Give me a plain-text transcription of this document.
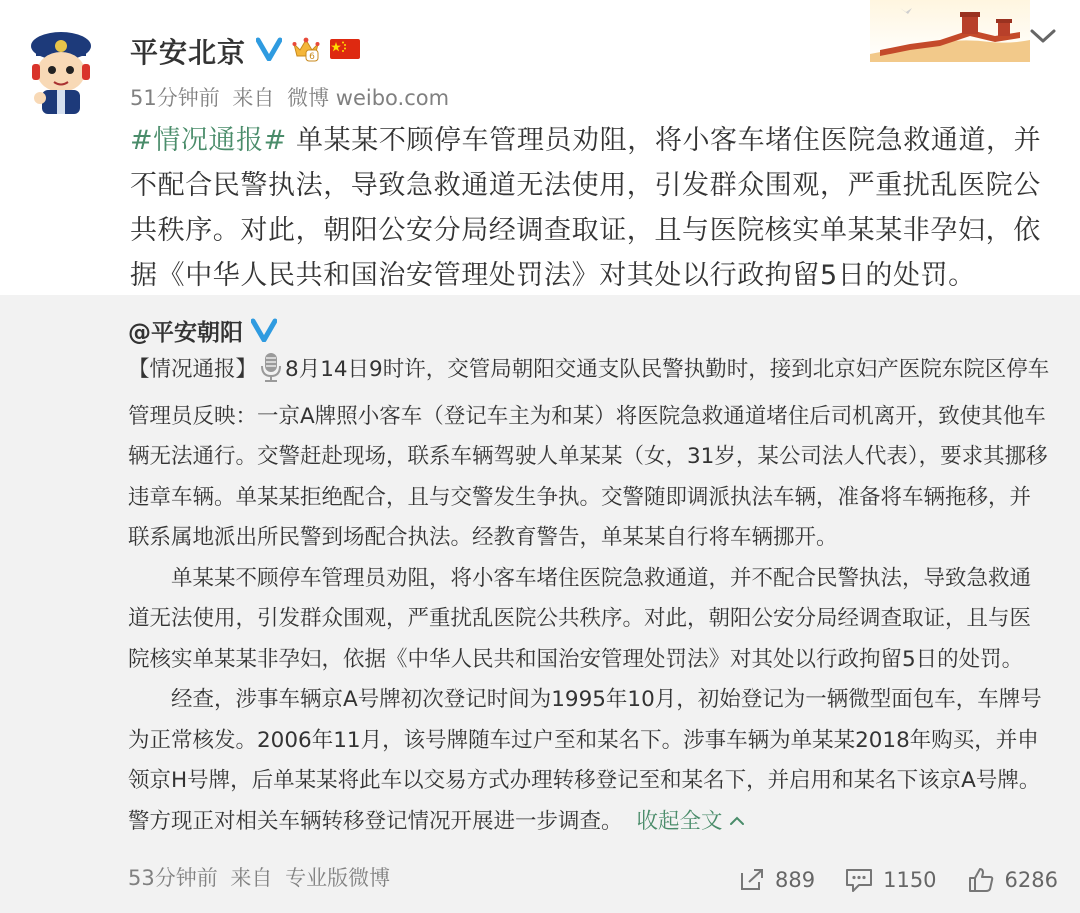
平安北京	6
51分钟前 来自 微博 weibo.com
#情况通报# 单某某不顾停车管理员劝阻，将小客车堵住医院急救通道，并不配合民警执法，导致急救通道无法使用，引发群众围观，严重扰乱医院公共秩序。对此，朝阳公安分局经调查取证，且与医院核实单某某非孕妇，依据《中华人民共和国治安管理处罚法》对其处以行政拘留5日的处罚。
@平安朝阳

【情况通报】 8月14日9时许，交管局朝阳交通支队民警执勤时，接到北京妇产医院东院区停车管理员反映：一京A牌照小客车（登记车主为和某）将医院急救通道堵住后司机离开，致使其他车辆无法通行。交警赶赴现场，联系车辆驾驶人单某某（女，31岁，某公司法人代表），要求其挪移违章车辆。单某某拒绝配合，且与交警发生争执。交警随即调派执法车辆，准备将车辆拖移，并联系属地派出所民警到场配合执法。经教育警告，单某某自行将车辆挪开。

单某某不顾停车管理员劝阻，将小客车堵住医院急救通道，并不配合民警执法，导致急救通道无法使用，引发群众围观，严重扰乱医院公共秩序。对此，朝阳公安分局经调查取证，且与医院核实单某某非孕妇，依据《中华人民共和国治安管理处罚法》对其处以行政拘留5日的处罚。

经查，涉事车辆京A号牌初次登记时间为1995年10月，初始登记为一辆微型面包车，车牌号为正常核发。2006年11月，该号牌随车过户至和某名下。涉事车辆为单某某2018年购买，并申领京H号牌，后单某某将此车以交易方式办理转移登记至和某名下，并启用和某名下该京A号牌。警方现正对相关车辆转移登记情况开展进一步调查。 收起全文

53分钟前 来自 专业版微博	889	1150	6286
